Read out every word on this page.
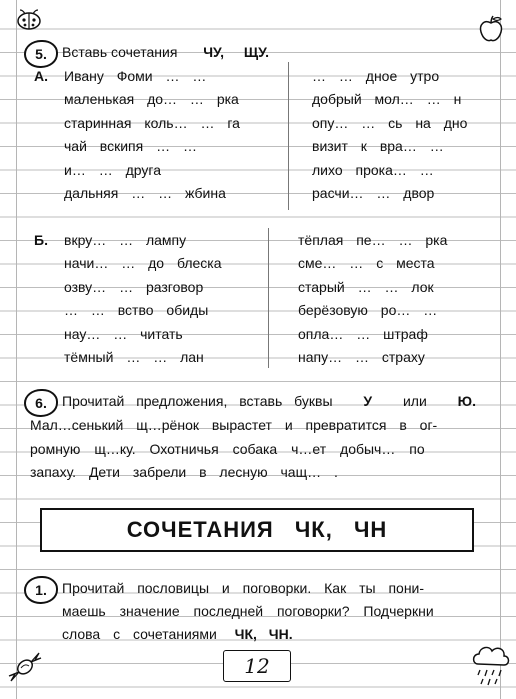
5. Вставь сочетания ЧУ, ЩУ.
А. Ивану Фоми … …
маленькая до… … рка
старинная коль… … га
чай вскипя … …
и… … друга
дальняя … … жбина
… … дное утро
добрый мол… … н
опу… … сь на дно
визит к вра… …
лихо прока… …
расчи… … двор
Б. вкру… … лампу
начи… … до блеска
озву… … разговор
… … вство обиды
нау… … читать
тёмный … … лан
тёплая пе… … рка
сме… … с места
старый … … лок
берёзовую ро… …
опла… … штраф
напу… … страху
6. Прочитай предложения, вставь буквы У или Ю.
Мал…сенький щ…рёнок вырастет и превратится в ог-
ромную щ…ку. Охотничья собака ч…ет добыч… по
запаху. Дети забрели в лесную чащ… .
СОЧЕТАНИЯ ЧК, ЧН
1. Прочитай пословицы и поговорки. Как ты пони-
маешь значение последней поговорки? Подчеркни
слова с сочетаниями ЧК, ЧН.
12
